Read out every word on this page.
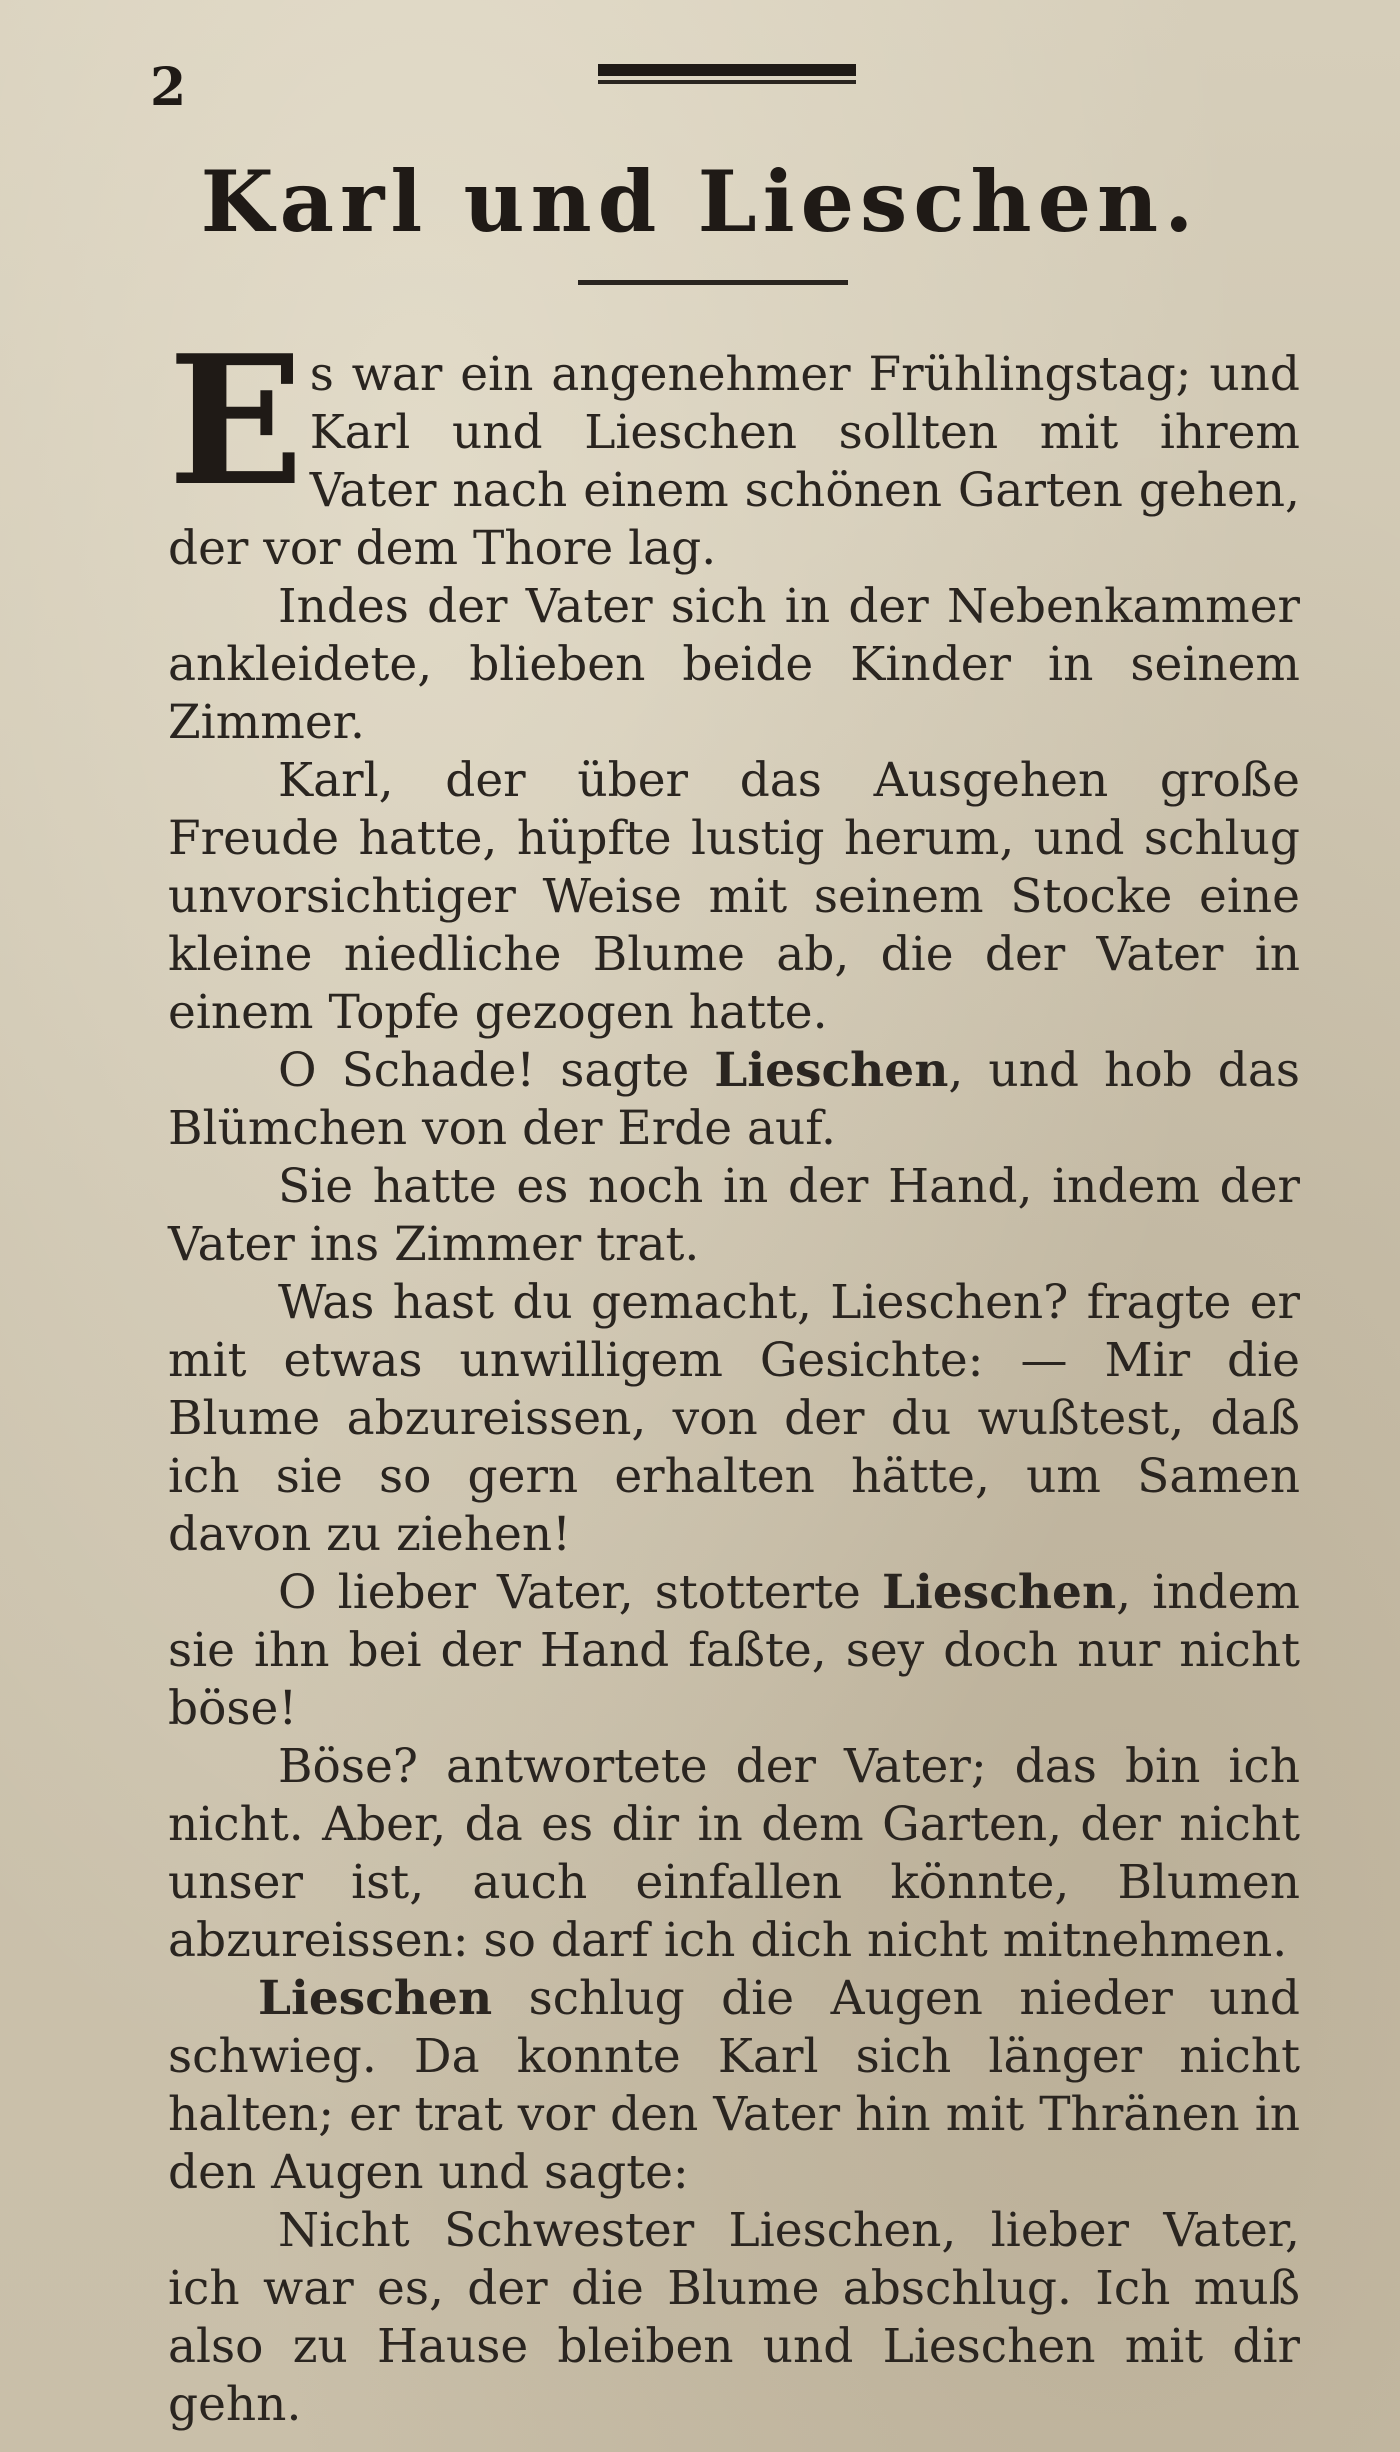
2
Karl und Lieschen.

Es war ein angenehmer Frühlingstag; und Karl und Lieschen sollten mit ihrem Vater nach einem schönen Garten gehen, der vor dem Thore lag.

Indes der Vater sich in der Nebenkammer ankleidete, blieben beide Kinder in seinem Zimmer.

Karl, der über das Ausgehen große Freude hatte, hüpfte lustig herum, und schlug unvorsichtiger Weise mit seinem Stocke eine kleine niedliche Blume ab, die der Vater in einem Topfe gezogen hatte.

O Schade! sagte Lieschen, und hob das Blümchen von der Erde auf.

Sie hatte es noch in der Hand, indem der Vater ins Zimmer trat.

Was hast du gemacht, Lieschen? fragte er mit etwas unwilligem Gesichte: — Mir die Blume abzureissen, von der du wußtest, daß ich sie so gern erhalten hätte, um Samen davon zu ziehen!

O lieber Vater, stotterte Lieschen, indem sie ihn bei der Hand faßte, sey doch nur nicht böse!

Böse? antwortete der Vater; das bin ich nicht. Aber, da es dir in dem Garten, der nicht unser ist, auch einfallen könnte, Blumen abzureissen: so darf ich dich nicht mitnehmen.

Lieschen schlug die Augen nieder und schwieg. Da konnte Karl sich länger nicht halten; er trat vor den Vater hin mit Thränen in den Augen und sagte:

Nicht Schwester Lieschen, lieber Vater, ich war es, der die Blume abschlug. Ich muß also zu Hause bleiben und Lieschen mit dir gehn.
